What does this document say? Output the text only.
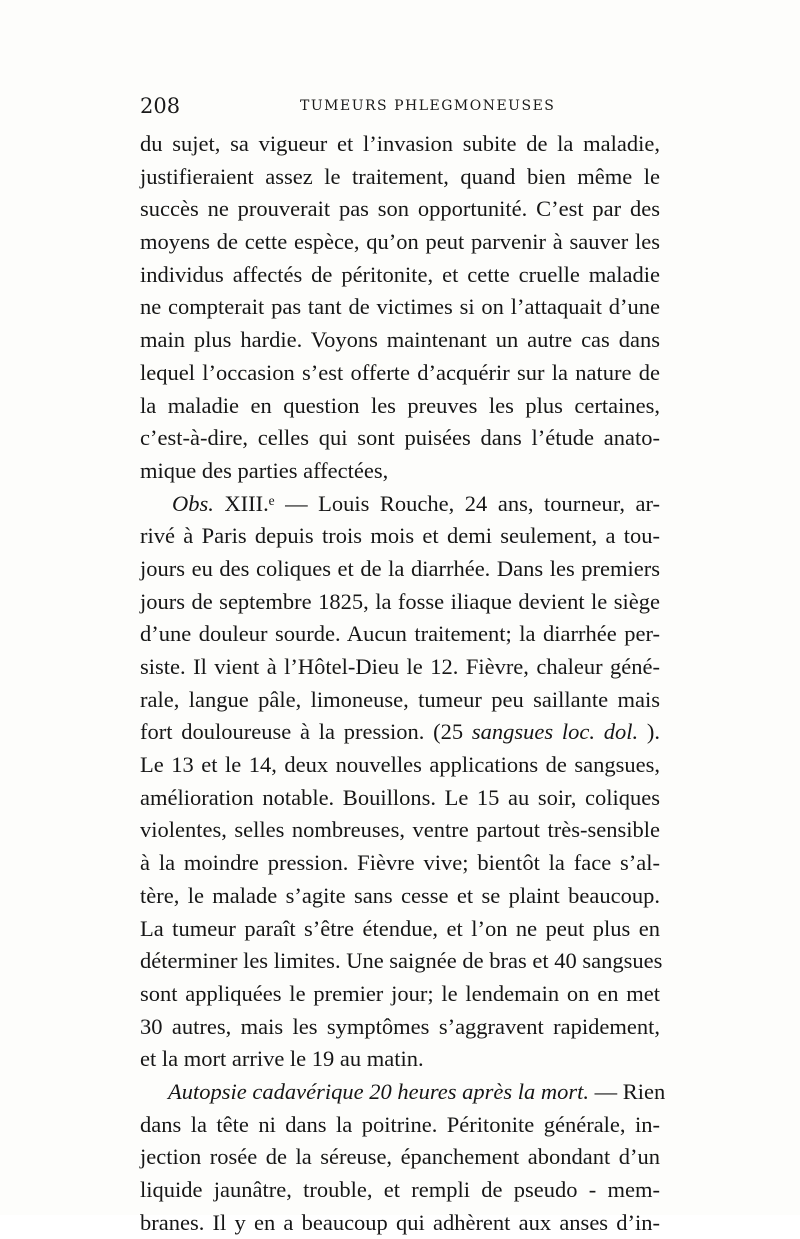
208	TUMEURS PHLEGMONEUSES
du sujet, sa vigueur et l’invasion subite de la maladie,
justifieraient assez le traitement, quand bien même le
succès ne prouverait pas son opportunité. C’est par des
moyens de cette espèce, qu’on peut parvenir à sauver les
individus affectés de péritonite, et cette cruelle maladie
ne compterait pas tant de victimes si on l’attaquait d’une
main plus hardie. Voyons maintenant un autre cas dans
lequel l’occasion s’est offerte d’acquérir sur la nature de
la maladie en question les preuves les plus certaines,
c’est-à-dire, celles qui sont puisées dans l’étude anato-
mique des parties affectées,
Obs. XIII.ᵉ — Louis Rouche, 24 ans, tourneur, ar-
rivé à Paris depuis trois mois et demi seulement, a tou-
jours eu des coliques et de la diarrhée. Dans les premiers
jours de septembre 1825, la fosse iliaque devient le siège
d’une douleur sourde. Aucun traitement; la diarrhée per-
siste. Il vient à l’Hôtel-Dieu le 12. Fièvre, chaleur géné-
rale, langue pâle, limoneuse, tumeur peu saillante mais
fort douloureuse à la pression. (25 sangsues loc. dol. ).
Le 13 et le 14, deux nouvelles applications de sangsues,
amélioration notable. Bouillons. Le 15 au soir, coliques
violentes, selles nombreuses, ventre partout très-sensible
à la moindre pression. Fièvre vive; bientôt la face s’al-
tère, le malade s’agite sans cesse et se plaint beaucoup.
La tumeur paraît s’être étendue, et l’on ne peut plus en
déterminer les limites. Une saignée de bras et 40 sangsues
sont appliquées le premier jour; le lendemain on en met
30 autres, mais les symptômes s’aggravent rapidement,
et la mort arrive le 19 au matin.
Autopsie cadavérique 20 heures après la mort. — Rien
dans la tête ni dans la poitrine. Péritonite générale, in-
jection rosée de la séreuse, épanchement abondant d’un
liquide jaunâtre, trouble, et rempli de pseudo - mem-
branes. Il y en a beaucoup qui adhèrent aux anses d’in-
